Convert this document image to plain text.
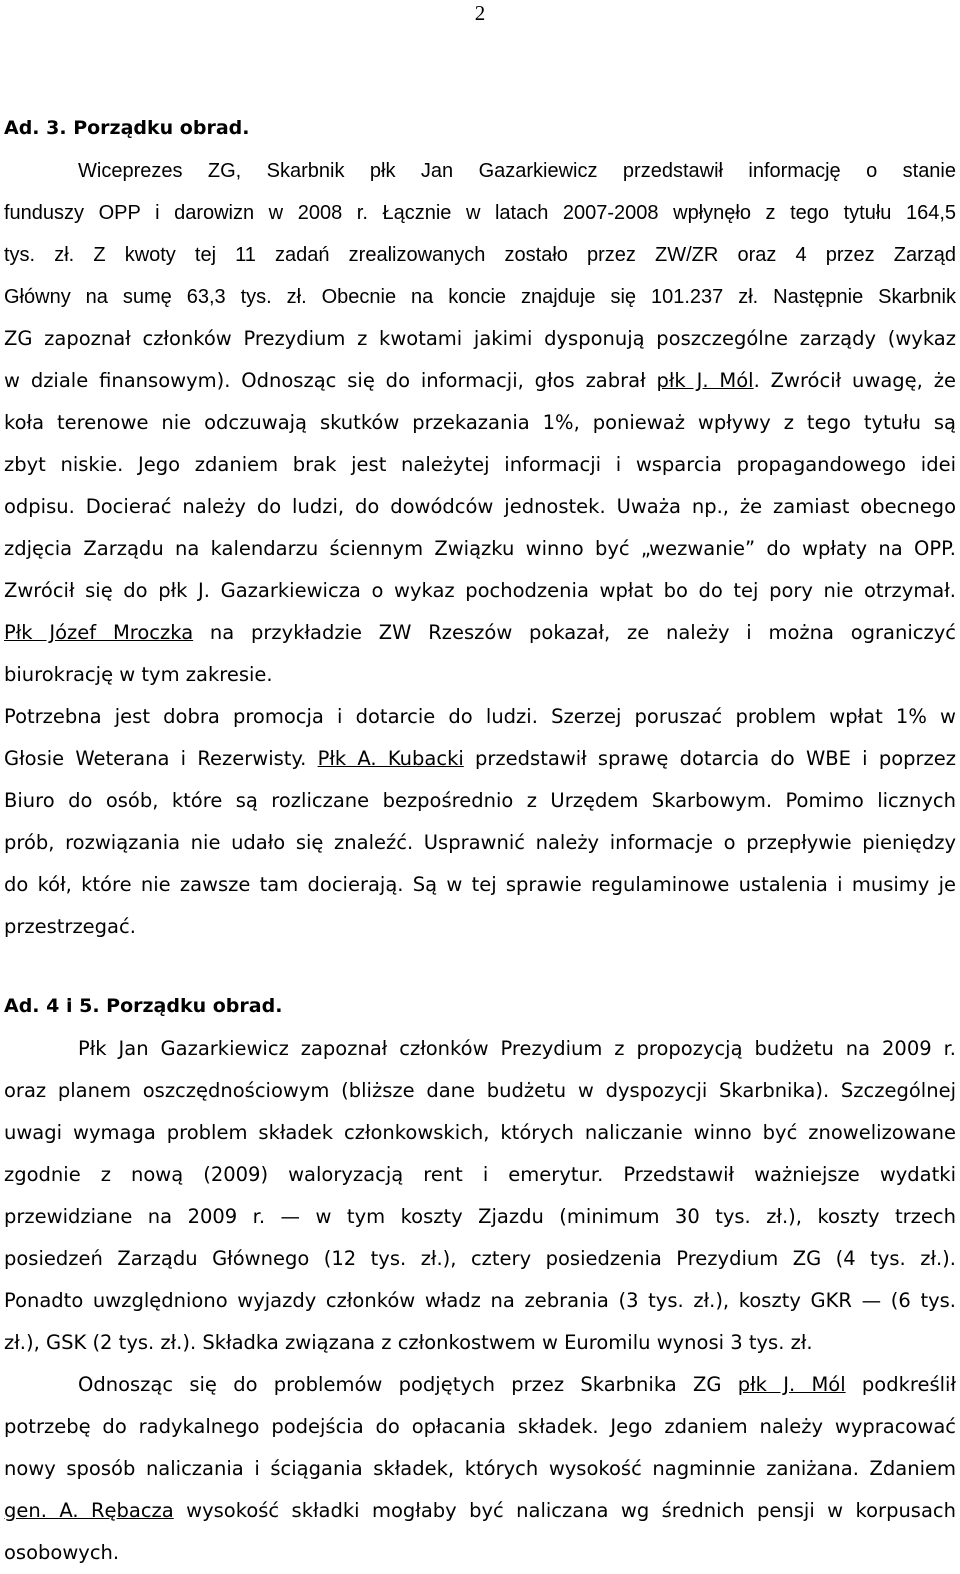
2
Ad. 3. Porządku obrad.
Wiceprezes ZG, Skarbnik płk Jan Gazarkiewicz przedstawił informację o stanie
funduszy OPP i darowizn w 2008 r. Łącznie w latach 2007-2008 wpłynęło z tego tytułu 164,5
tys. zł. Z kwoty tej 11 zadań zrealizowanych zostało przez ZW/ZR oraz 4 przez Zarząd
Główny na sumę 63,3 tys. zł. Obecnie na koncie znajduje się 101.237 zł. Następnie Skarbnik
ZG zapoznał członków Prezydium z kwotami jakimi dysponują poszczególne zarządy (wykaz
w dziale finansowym). Odnosząc się do informacji, głos zabrał płk J. Mól. Zwrócił uwagę, że
koła terenowe nie odczuwają skutków przekazania 1%, ponieważ wpływy z tego tytułu są
zbyt niskie. Jego zdaniem brak jest należytej informacji i wsparcia propagandowego idei
odpisu. Docierać należy do ludzi, do dowódców jednostek. Uważa np., że zamiast obecnego
zdjęcia Zarządu na kalendarzu ściennym Związku winno być „wezwanie” do wpłaty na OPP.
Zwrócił się do płk J. Gazarkiewicza o wykaz pochodzenia wpłat bo do tej pory nie otrzymał.
Płk Józef Mroczka na przykładzie ZW Rzeszów pokazał, ze należy i można ograniczyć
biurokrację w tym zakresie.
Potrzebna jest dobra promocja i dotarcie do ludzi. Szerzej poruszać problem wpłat 1% w
Głosie Weterana i Rezerwisty. Płk A. Kubacki przedstawił sprawę dotarcia do WBE i poprzez
Biuro do osób, które są rozliczane bezpośrednio z Urzędem Skarbowym. Pomimo licznych
prób, rozwiązania nie udało się znaleźć. Usprawnić należy informacje o przepływie pieniędzy
do kół, które nie zawsze tam docierają. Są w tej sprawie regulaminowe ustalenia i musimy je
przestrzegać.
Ad. 4 i 5. Porządku obrad.
Płk Jan Gazarkiewicz zapoznał członków Prezydium z propozycją budżetu na 2009 r.
oraz planem oszczędnościowym (bliższe dane budżetu w dyspozycji Skarbnika). Szczególnej
uwagi wymaga problem składek członkowskich, których naliczanie winno być znowelizowane
zgodnie z nową (2009) waloryzacją rent i emerytur. Przedstawił ważniejsze wydatki
przewidziane na 2009 r. — w tym koszty Zjazdu (minimum 30 tys. zł.), koszty trzech
posiedzeń Zarządu Głównego (12 tys. zł.), cztery posiedzenia Prezydium ZG (4 tys. zł.).
Ponadto uwzględniono wyjazdy członków władz na zebrania (3 tys. zł.), koszty GKR — (6 tys.
zł.), GSK (2 tys. zł.). Składka związana z członkostwem w Euromilu wynosi 3 tys. zł.
Odnosząc się do problemów podjętych przez Skarbnika ZG płk J. Mól podkreślił
potrzebę do radykalnego podejścia do opłacania składek. Jego zdaniem należy wypracować
nowy sposób naliczania i ściągania składek, których wysokość nagminnie zaniżana. Zdaniem
gen. A. Rębacza wysokość składki mogłaby być naliczana wg średnich pensji w korpusach
osobowych.
